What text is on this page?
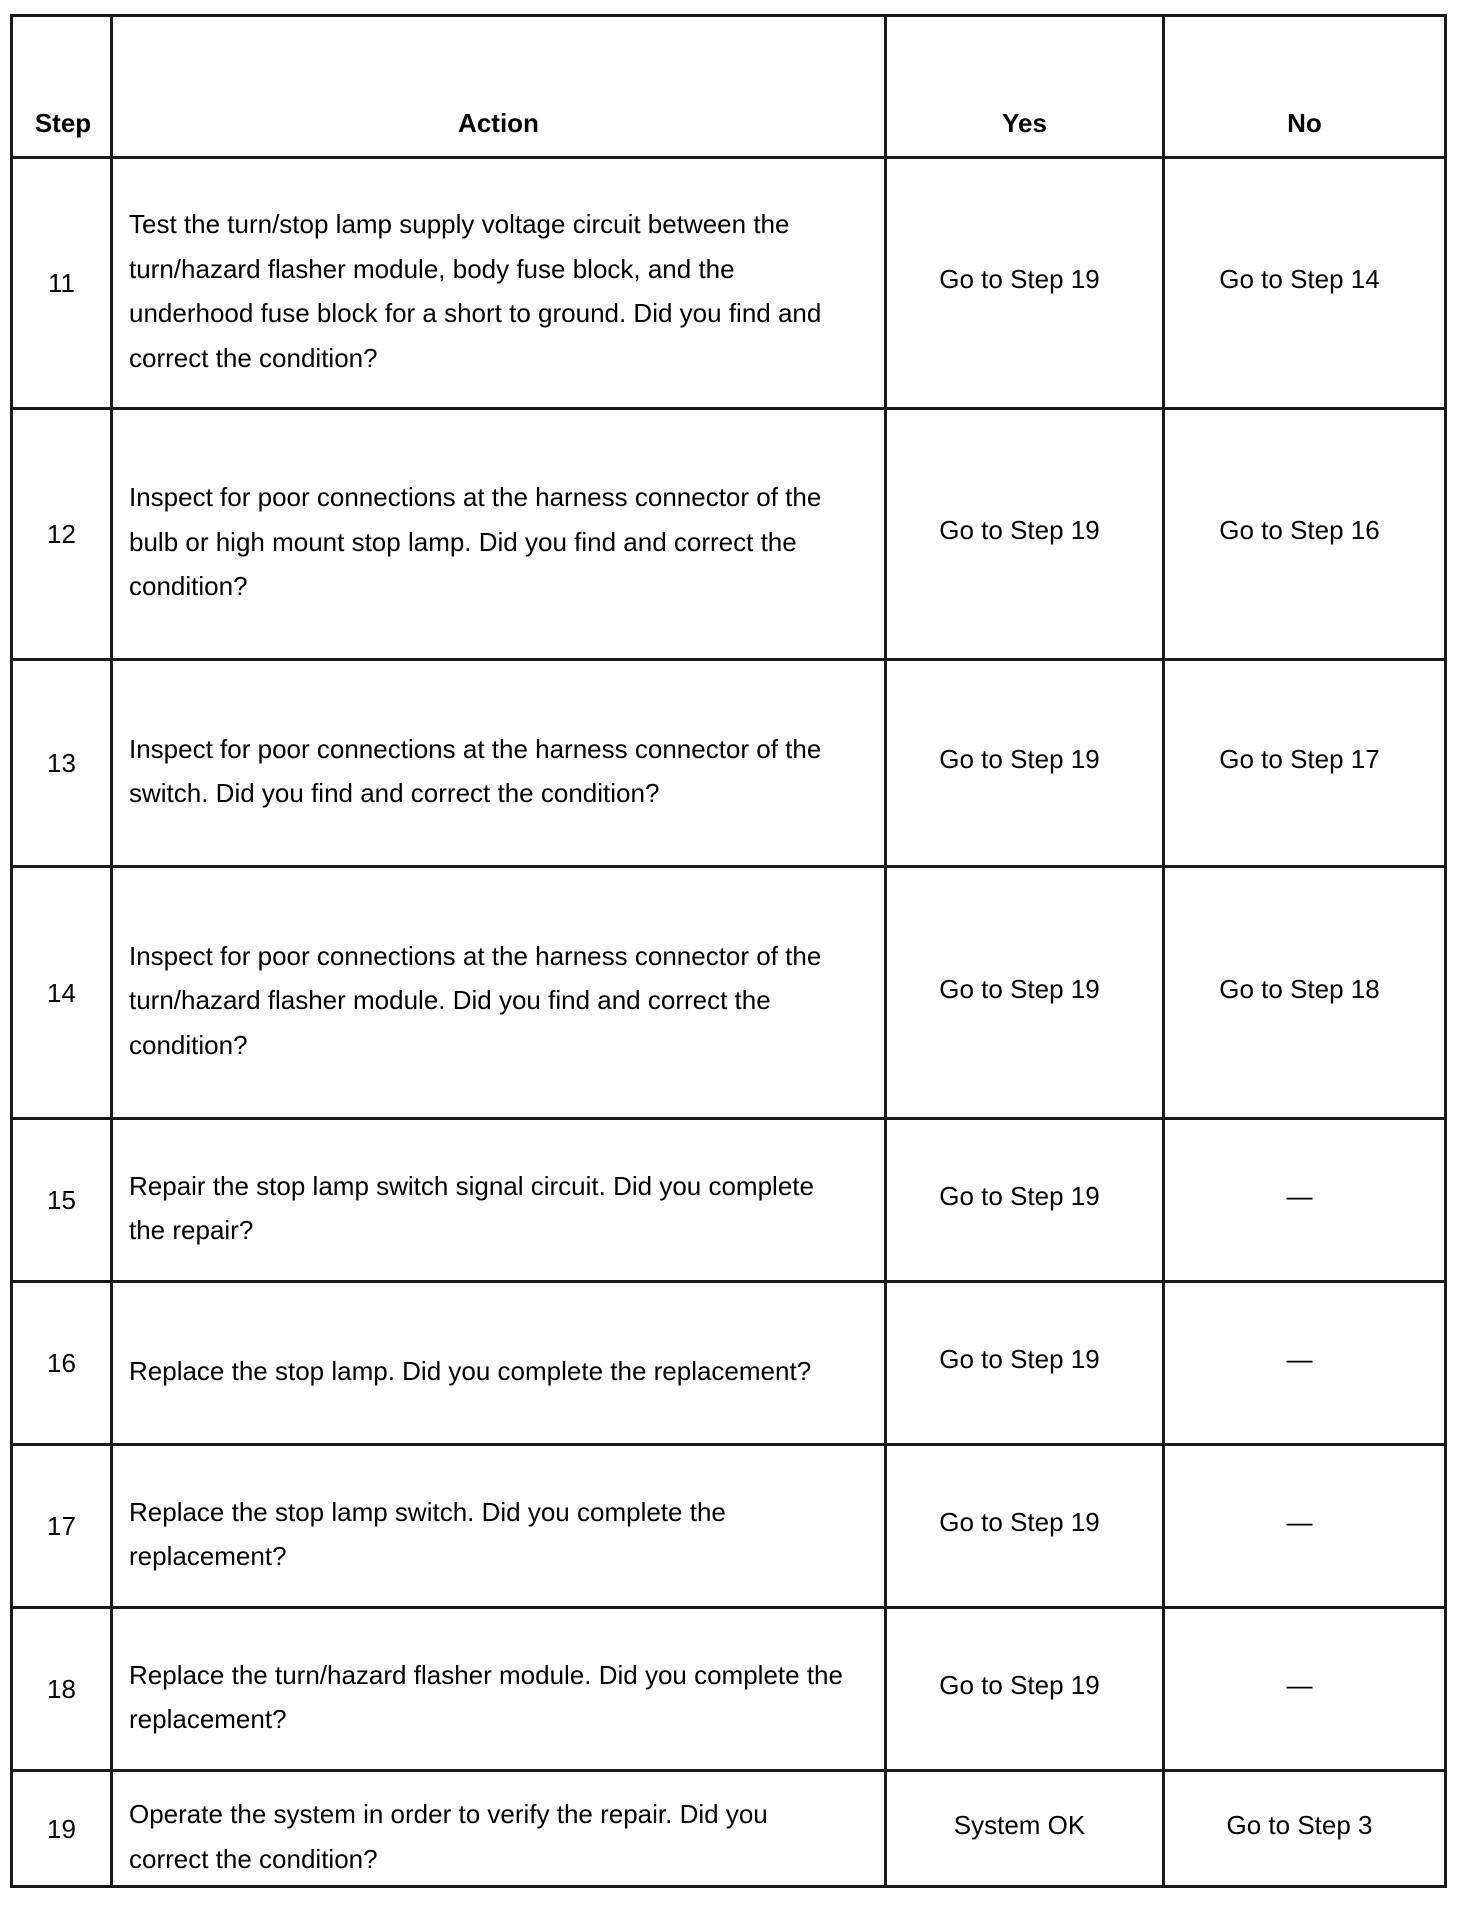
Step	Action	Yes	No

11	Test the turn/stop lamp supply voltage circuit between the turn/hazard flasher module, body fuse block, and the underhood fuse block for a short to ground. Did you find and correct the condition?	Go to Step 19	Go to Step 14

12	Inspect for poor connections at the harness connector of the bulb or high mount stop lamp. Did you find and correct the condition?	Go to Step 19	Go to Step 16

13	Inspect for poor connections at the harness connector of the switch. Did you find and correct the condition?	Go to Step 19	Go to Step 17

14	Inspect for poor connections at the harness connector of the turn/hazard flasher module. Did you find and correct the condition?	Go to Step 19	Go to Step 18

15	Repair the stop lamp switch signal circuit. Did you complete the repair?	Go to Step 19	—

16	Replace the stop lamp. Did you complete the replacement?	Go to Step 19	—

17	Replace the stop lamp switch. Did you complete the replacement?	Go to Step 19	—

18	Replace the turn/hazard flasher module. Did you complete the replacement?	Go to Step 19	—

19	Operate the system in order to verify the repair. Did you correct the condition?	System OK	Go to Step 3
